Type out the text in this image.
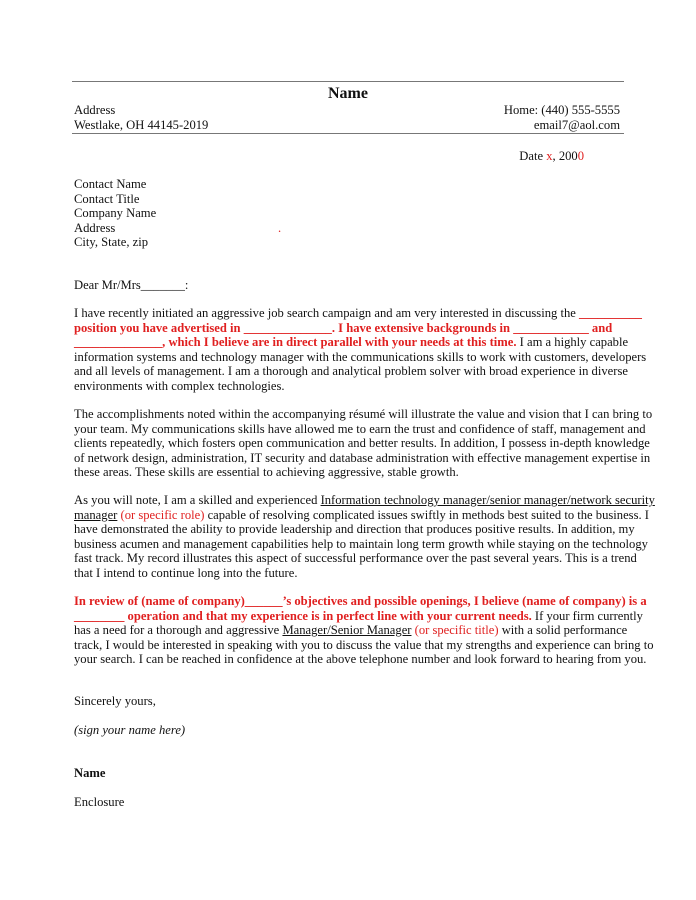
Name
Address
Westlake, OH 44145-2019
Home: (440) 555-5555
email7@aol.com
Date x, 2000
Contact Name
Contact Title
Company Name
Address	.
City, State, zip
Dear Mr/Mrs_______:
I have recently initiated an aggressive job search campaign and am very interested in discussing the __________
position you have advertised in ______________. I have extensive backgrounds in ____________ and
______________, which I believe are in direct parallel with your needs at this time. I am a highly capable
information systems and technology manager with the communications skills to work with customers, developers
and all levels of management. I am a thorough and analytical problem solver with broad experience in diverse
environments with complex technologies.
The accomplishments noted within the accompanying résumé will illustrate the value and vision that I can bring to
your team. My communications skills have allowed me to earn the trust and confidence of staff, management and
clients repeatedly, which fosters open communication and better results. In addition, I possess in-depth knowledge
of network design, administration, IT security and database administration with effective management expertise in
these areas. These skills are essential to achieving aggressive, stable growth.
As you will note, I am a skilled and experienced Information technology manager/senior manager/network security
manager (or specific role) capable of resolving complicated issues swiftly in methods best suited to the business. I
have demonstrated the ability to provide leadership and direction that produces positive results. In addition, my
business acumen and management capabilities help to maintain long term growth while staying on the technology
fast track. My record illustrates this aspect of successful performance over the past several years. This is a trend
that I intend to continue long into the future.
In review of (name of company)______’s objectives and possible openings, I believe (name of company) is a
________ operation and that my experience is in perfect line with your current needs. If your firm currently
has a need for a thorough and aggressive Manager/Senior Manager (or specific title) with a solid performance
track, I would be interested in speaking with you to discuss the value that my strengths and experience can bring to
your search. I can be reached in confidence at the above telephone number and look forward to hearing from you.
Sincerely yours,
(sign your name here)
Name
Enclosure
